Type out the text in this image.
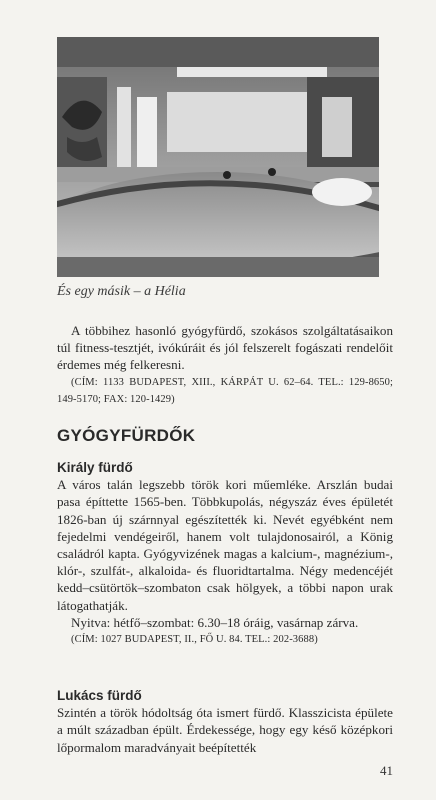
És egy másik – a Hélia

A többihez hasonló gyógyfürdő, szokásos szolgáltatásaikon túl fitness-tesztjét, ivókúráit és jól felszerelt fogászati rendelőit érdemes még felkeresni.

(CÍM: 1133 BUDAPEST, XIII., KÁRPÁT U. 62–64. TEL.: 129-8650; 149-5170; FAX: 120-1429)

GYÓGYFÜRDŐK
Király fürdő

A város talán legszebb török kori műemléke. Arszlán budai pasa építtette 1565-ben. Többkupolás, négyszáz éves épületét 1826-ban új szárnnyal egészítették ki. Nevét egyébként nem fejedelmi vendégeiről, hanem volt tulajdonosairól, a König családról kapta. Gyógyvizének magas a kalcium-, magnézium-, klór-, szulfát-, alkaloida- és fluoridtartalma. Négy medencéjét kedd–csütörtök–szombaton csak hölgyek, a többi napon urak látogathatják.

Nyitva: hétfő–szombat: 6.30–18 óráig, vasárnap zárva.

(CÍM: 1027 BUDAPEST, II., FŐ U. 84. TEL.: 202-3688)

Lukács fürdő

Szintén a török hódoltság óta ismert fürdő. Klasszicista épülete a múlt században épült. Érdekessége, hogy egy késő középkori lőpormalom maradványait beépítették

41
